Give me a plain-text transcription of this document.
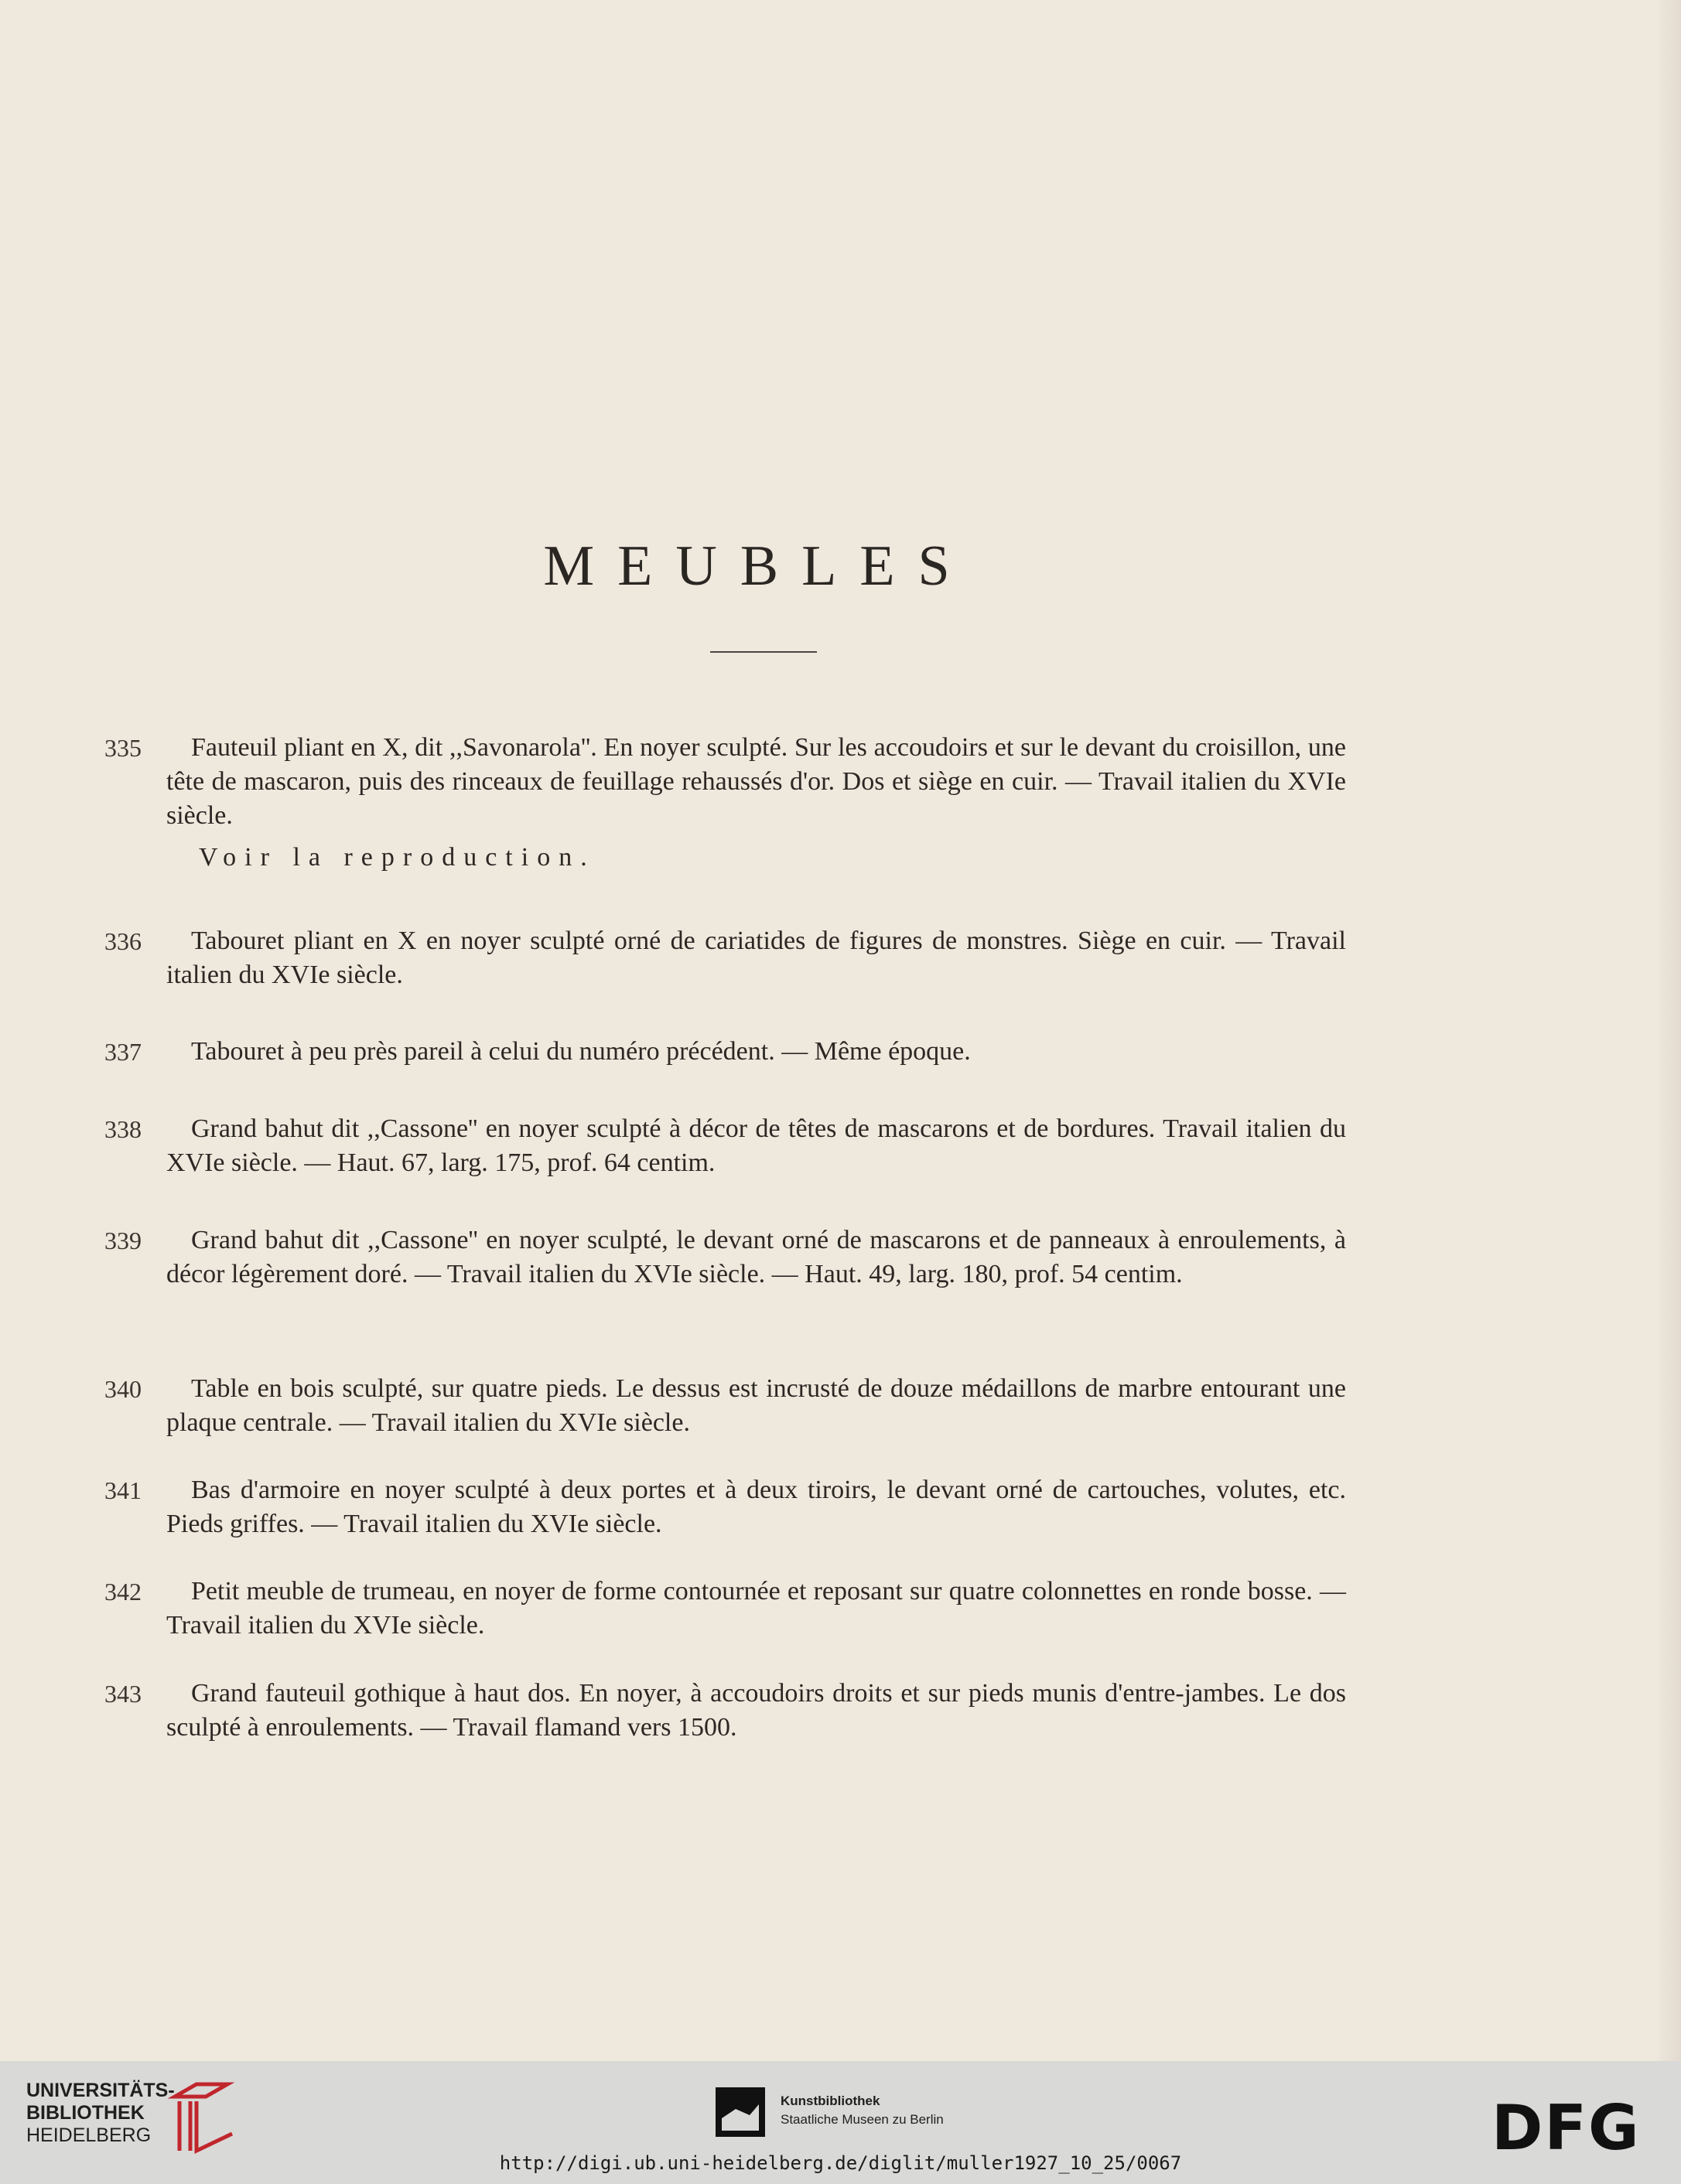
MEUBLES
335	Fauteuil pliant en X, dit ,,Savonarola''. En noyer sculpté. Sur les accoudoirs et sur le devant du croisillon, une tête de mascaron, puis des rinceaux de feuillage rehaussés d'or. Dos et siège en cuir. — Travail italien du XVIe siècle.
Voir la reproduction.
336	Tabouret pliant en X en noyer sculpté orné de cariatides de figures de monstres. Siège en cuir. — Travail italien du XVIe siècle.
337	Tabouret à peu près pareil à celui du numéro précédent. — Même époque.
338	Grand bahut dit ,,Cassone'' en noyer sculpté à décor de têtes de mascarons et de bordures. Travail italien du XVIe siècle. — Haut. 67, larg. 175, prof. 64 centim.
339	Grand bahut dit ,,Cassone'' en noyer sculpté, le devant orné de mascarons et de panneaux à enroulements, à décor légèrement doré. — Travail italien du XVIe siècle. — Haut. 49, larg. 180, prof. 54 centim.
340	Table en bois sculpté, sur quatre pieds. Le dessus est incrusté de douze médaillons de marbre entourant une plaque centrale. — Travail italien du XVIe siècle.
341	Bas d'armoire en noyer sculpté à deux portes et à deux tiroirs, le devant orné de cartouches, volutes, etc. Pieds griffes. — Travail italien du XVIe siècle.
342	Petit meuble de trumeau, en noyer de forme contournée et reposant sur quatre colonnettes en ronde bosse. — Travail italien du XVIe siècle.
343	Grand fauteuil gothique à haut dos. En noyer, à accoudoirs droits et sur pieds munis d'entre-jambes. Le dos sculpté à enroulements. — Travail flamand vers 1500.
UNIVERSITÄTS-
BIBLIOTHEK
HEIDELBERG
Kunstbibliothek
Staatliche Museen zu Berlin	DFG
http://digi.ub.uni-heidelberg.de/diglit/muller1927_10_25/0067
